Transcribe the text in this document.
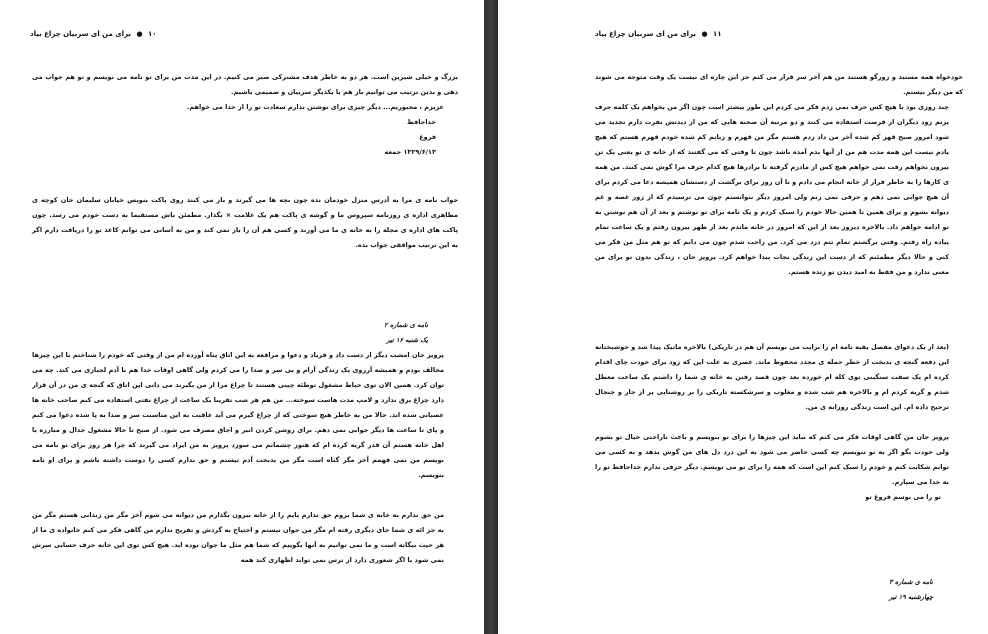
۱۰ ● برای من ای سربیان چراغ بیاد

بزرگ و خیلی شیرین است. هر دو به خاطر هدف مشترکی صبر می کنیم. در این مدت من برای تو نامه می نویسم و تو هم جواب می دهی و بدین ترتیب می توانیم باز هم با یکدیگر سربیان و صمیمی باشیم.

عزیزم ، مجبوریم... دیگر چیزی برای نوشتن ندارم سعادت تو را از خدا می خواهم.

خداحافظ

فروغ

۱۳۲۹/۶/۱۳ جمعه

جواب نامه ی مرا به آدرس منزل خودمان نده چون بچه ها می گیرند و باز می کنند روی پاکت بنویس خیابان سلیمان خان کوچه ی مظاهری اداره ی روزنامه سپروس ما و گوشه ی پاکت هم یک علامت × بگذار. مطمئن باش مستقیما به دست خودم می رسد. چون پاکت های اداره ی مجله را به خانه ی ما می آورند و کسی هم آن را باز نمی کند و من به آسانی می توانم کاغذ تو را دریافت دارم اگر به این ترتیب موافقی جواب بده.

نامه ی شماره ۲

یک شنبه ۱۶ تیر

پرویز جان امشب دیگر از دست داد و فریاد و دعوا و مرافعه به این اتاق پناه آورده ام من از وقتی که خودم را شناختم با این چیزها مخالف بودم و همیشه آرزوی یک زندگی آرام و بی سر و صدا را می کردم ولی گاهی اوقات خدا هم با آدم لجبازی می کند. چه می توان کرد. همین الان توی حیاط مشغول توطئه چینی هستند تا چراغ مرا از من بگیرند می دانی این اتاق که گنجه ی من در آن قرار دارد چراغ برق ندارد و لامپ مدت هاست سوخته... من هم هر شب تقریبا یک ساعت از چراغ نفتی استفاده می کنم صاحب خانه ها عصبانی شده اند. حالا من به خاطر هیچ سوختی که از چراغ گیرم می آید عاقبت به این مناسبت سر و صدا به پا شده دعوا می کنم و پای تا ساعت ها دیگر جوابی نمی دهم. برای روشن کردن انبر و اجاق مصرف می شود. از صبح تا حالا مشغول جدال و مبارزه با اهل خانه هستم آن قدر گریه کرده ام که هنوز چشمانم می سوزد پرویز به من ایراد می گیرند که چرا هر روز برای تو نامه می نویسم من نمی فهمم آخر مگر گناه است مگر من بدبخت آدم نیستم و حق ندارم کسی را دوست داشته باشم و برای او نامه بنویسم.

من حق ندارم به خانه ی شما بروم حق ندارم پایم را از خانه بیرون بگذارم من دیوانه می شوم آخر مگر من زندانی هستم مگر من به جز ائه ی شما جای دیگری رفته ام مگر من جوان نیستم و احتیاج به گردش و تفریح ندارم من گاهی فکر می کنم خانواده ی ما از هر حیث بیگانه است و ما نمی توانیم به آنها بگوییم که شما هم مثل ما جوان بوده اید. هیچ کس توی این خانه حرف حسابی سرش نمی شود یا اگر شعوری دارد از ترس نمی تواند اظهاری کند همه

۱۱ ● برای من ای سربیان چراغ بیاد

خودخواه همه مستبد و زورگو هستند من هم آخر سر قرار می کنم جز این چاره ای نیست یک وقت متوجه می شوند که من دیگر نیستم.

چند روزی بود با هیچ کس حرف نمی زدم فکر می کردم این طور بیشتر است چون اگر من بخواهم یک کلمه حرف بزنم زود دیگران از فرصت استفاده می کنند و دو مرتبه آن صحنه هایی که من از دیدنش نفرت دارم تجدید می شود امروز صبح قهر کم شده آخر من داد زدم هستم مگر من قهرم و زبانم کم شده خودم قهرم هستم که هیچ یادم نیست این همه مدت هم من از آنها بدم آمده باشد چون تا وقتی که می گفتند که از خانه ی تو یعنی یک تن بیرون نخواهم رفت نمی خواهم هیچ کس از مادرم گرفته تا برادرها هیچ کدام حرف مرا گوش نمی کنند. من همه ی کارها را به خاطر فرار از خانه انجام می دادم و تا آن روز برای برگشت از دستشان همیشه دعا می کردم برای آن هیچ جوابی نمی دهم و حرفی نمی زنم ولی امروز دیگر نتوانستم چون می ترسیدم که از زور غصه و غم دیوانه بشوم و برای همین تا همین حالا خودم را سبک کردم و یک نامه برای تو نوشتم و بعد از آن هم نوشتن به تو ادامه خواهم داد. بالاخره دیروز بعد از این که امروز در خانه ماندم بعد از ظهر بیرون رفتم و یک ساعت تمام پیاده راه رفتم. وقتی برگشتم تمام تنم درد می کرد. من راحت شدم چون می دانم که تو هم مثل من فکر می کنی و حالا دیگر مطمئنم که از دست این زندگی نجات پیدا خواهم کرد. پرویز جان ، زندگی بدون تو برای من معنی ندارد و من فقط به امید دیدن تو زنده هستم.

(بعد از یک دعوای مفصل بقیه نامه ام را برایت می نویسم آن هم در تاریکی) بالاخره ماتیک پیدا شد و خوشبختانه این دفعه گنجه ی بدبخت از خطر حمله ی مجدد محفوظ ماند. عصری به علت این که زود برای خودت چای اقدام کرده ام یک سفت سنگینی توی کله ام خورده بعد چون قصد رفتن به خانه ی شما را داشتم یک ساعت معطل شدم و گریه کردم ام و بالاخره هم شب شده و مغلوب و سرشکسته تاریکی را بر روشنایی پر از جار و جنجال ترجیح داده ام. این است زندگی روزانه ی من.

پرویز جان من گاهی اوقات فکر می کنم که نباید این چیزها را برای تو بنویسم و باعث ناراحتی خیال تو بشوم ولی خودت بگو اگر به تو ننویسم چه کسی حاضر می شود به این درد دل های من گوش بدهد و به کسی می توانم شکایت کنم و خودم را سبک کنم این است که همه را برای تو می نویسم. دیگر حرفی ندارم خداحافظ تو را به خدا می سپارم.

تو را می بوسم فروغ تو

نامه ی شماره ۳

چهارشنبه ۱۹ تیر
